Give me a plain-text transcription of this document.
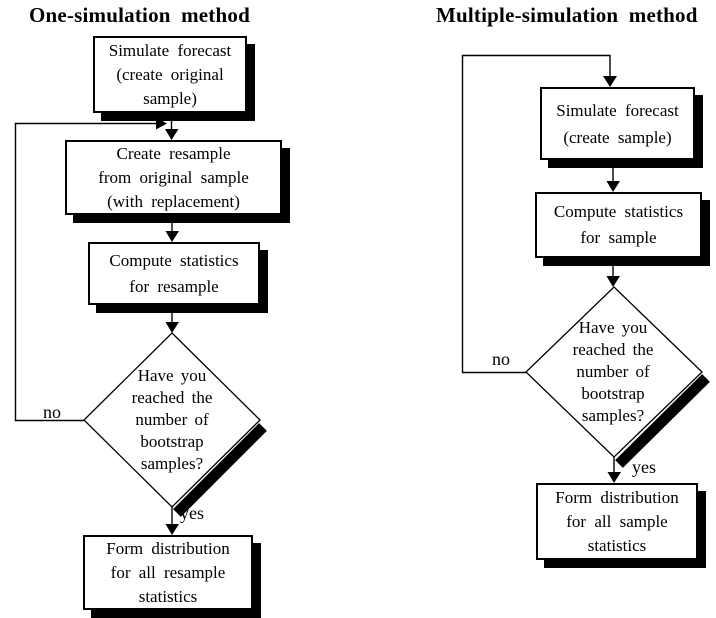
One-simulation method	Multiple-simulation method
Simulate forecast
(create original
sample)
Create resample
from original sample
(with replacement)
Compute statistics
for resample
Have you
reached the
number of
bootstrap
samples?
no
yes
Form distribution
for all resample
statistics
Simulate forecast
(create sample)
Compute statistics
for sample
Have you
reached the
number of
bootstrap
samples?
no
yes
Form distribution
for all sample
statistics
